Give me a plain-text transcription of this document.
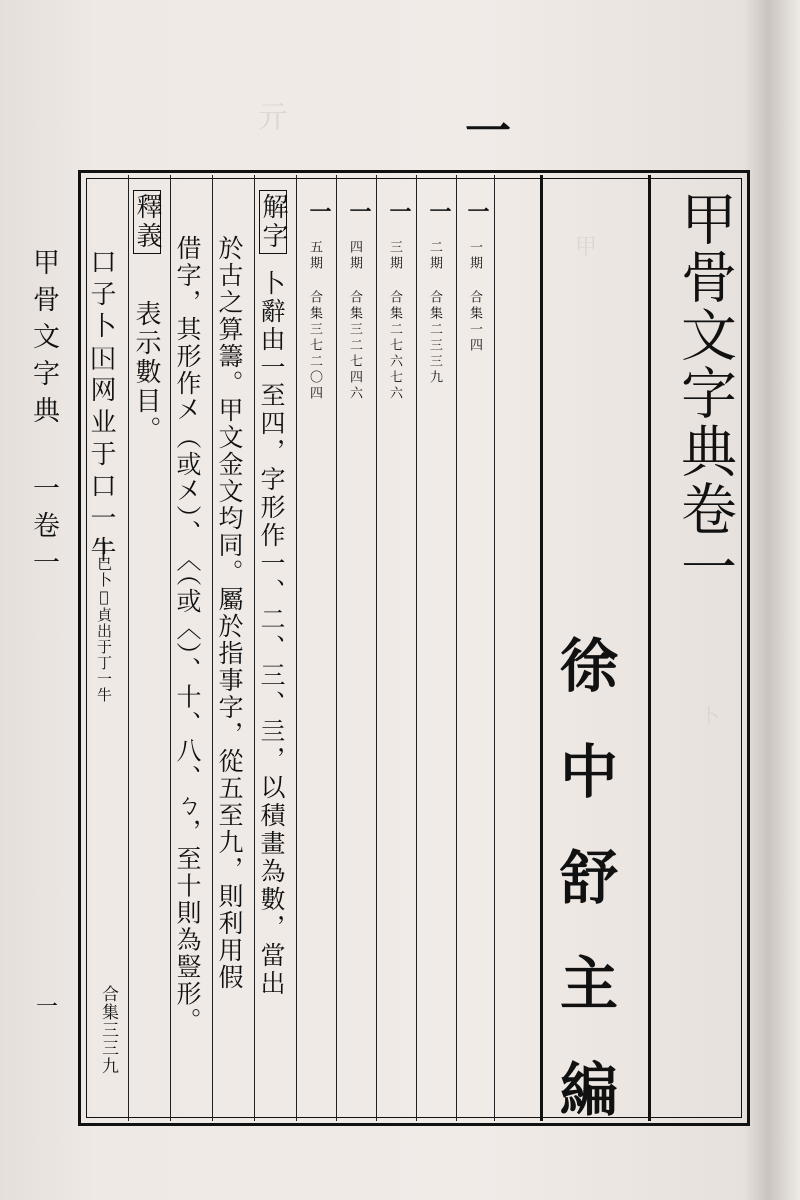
亓
甲
卜
一
甲骨文字典 一卷一
一
甲骨文字典卷一
徐中舒主編
一
一期 合集一四
一
二期 合集二三三九
一
三期 合集二七六七六
一
四期 合集三二七四六
一
五期 合集三七二〇四
解字
卜辭由一至四，字形作一、二、三、亖，以積畫為數，當出
於古之算籌。甲文金文均同。屬於指事字，從五至九，則利用假
借字，其形作㐅（或㐅）、︿（或︿）、十、八、ㄅ，至十則為豎形。
釋義
表示數目。
口子卜𡆥网业于口一牛
丁巳卜𡧊貞出于丁一牛
合集三三九
